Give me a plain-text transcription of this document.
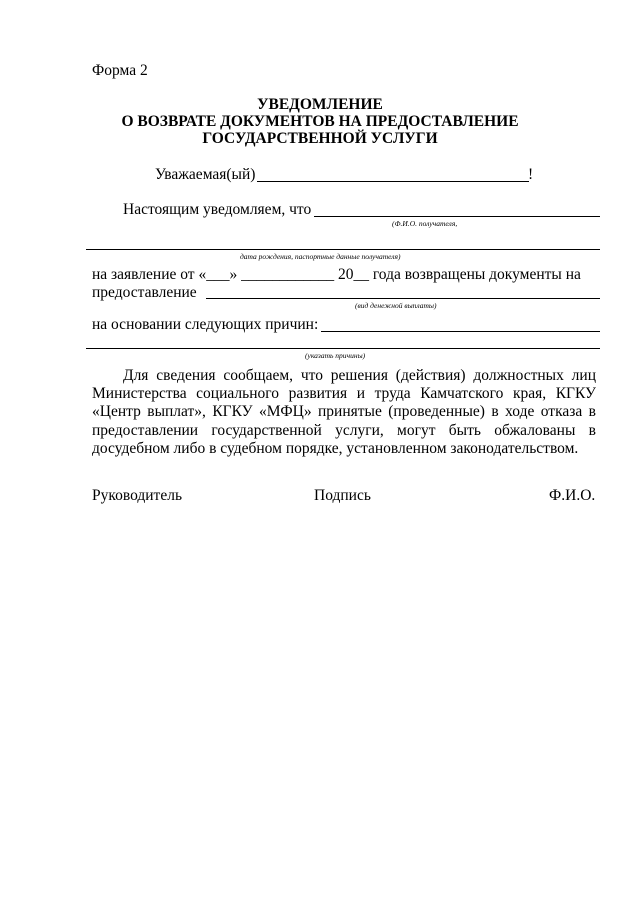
Форма 2
УВЕДОМЛЕНИЕ
О ВОЗВРАТЕ ДОКУМЕНТОВ НА ПРЕДОСТАВЛЕНИЕ
ГОСУДАРСТВЕННОЙ УСЛУГИ
Уважаемая(ый)	!
Настоящим уведомляем, что
(Ф.И.О. получателя,
дата рождения, паспортные данные получателя)
на заявление от «___» ____________ 20__ года возвращены документы на
предоставление
(вид денежной выплаты)
на основании следующих причин:
(указать причины)
Для сведения сообщаем, что решения (действия) должностных лиц Министерства социального развития и труда Камчатского края, КГКУ «Центр выплат», КГКУ «МФЦ» принятые (проведенные) в ходе отказа в предоставлении государственной услуги, могут быть обжалованы в досудебном либо в судебном порядке, установленном законодательством.
Руководитель	Подпись	Ф.И.О.
